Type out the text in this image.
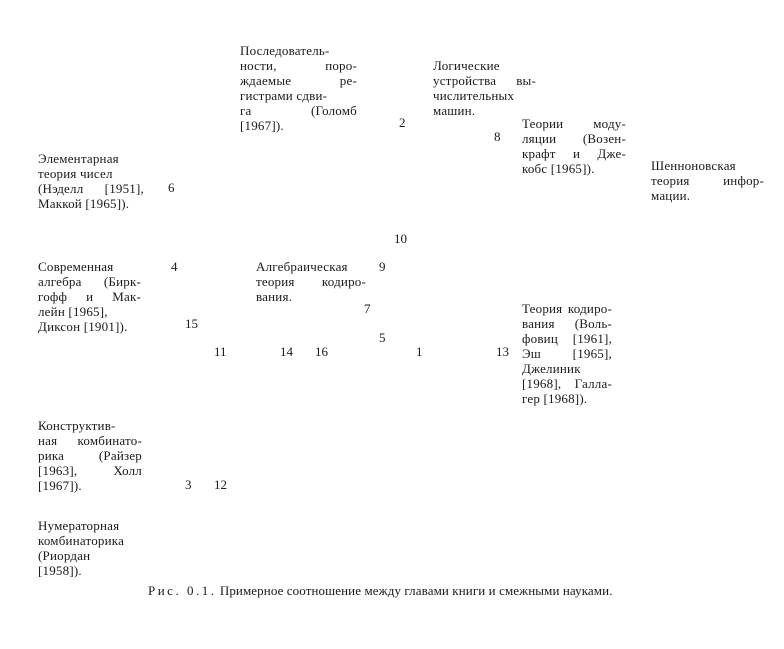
Последователь-
ности, поро-
ждаемые ре-
гистрами сдви-
га (Голомб
[1967]).
Логические
устройства вы-
числительных
машин.
Теории моду-
ляции (Возен-
крафт и Дже-
кобс [1965]).
Элементарная
теория чисел
(Нэделл [1951],
Маккой [1965]).
Шенноновская
теория инфор-
мации.
Современная
алгебра (Бирк-
гофф и Мак-
лейн [1965],
Диксон [1901]).
Алгебраическая
теория кодиро-
вания.
Теория кодиро-
вания (Воль-
фовиц [1961],
Эш [1965],
Джелиник
[1968], Галла-
гер [1968]).
Конструктив-
ная комбинато-
рика (Райзер
[1963], Холл
[1967]).
Нумераторная
комбинаторика
(Риордан
[1958]).
2
8
6
10
4	9
7
15
5
11	14 16	1	13
3 12
Рис. 0.1. Примерное соотношение между главами книги и смежными науками.
